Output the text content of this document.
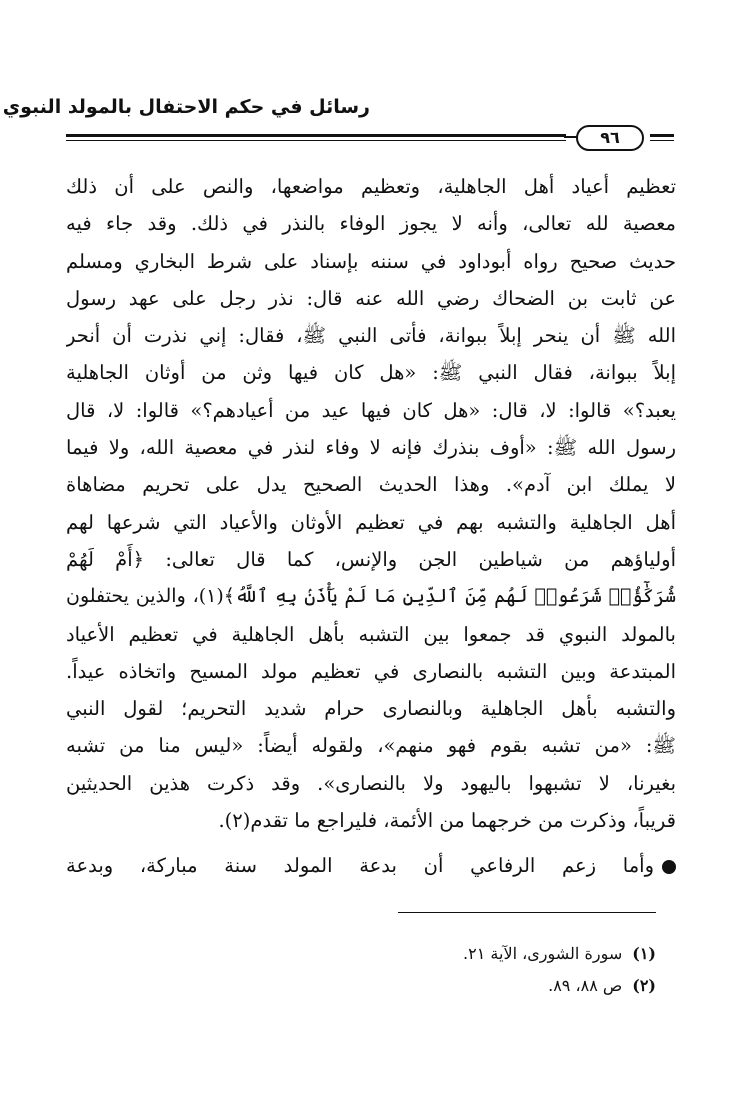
رسائل في حكم الاحتفال بالمولد النبوي
٩٦
تعظيم أعياد أهل الجاهلية، وتعظيم مواضعها، والنص على أن ذلك
معصية لله تعالى، وأنه لا يجوز الوفاء بالنذر في ذلك. وقد جاء فيه
حديث صحيح رواه أبوداود في سننه بإسناد على شرط البخاري ومسلم
عن ثابت بن الضحاك رضي الله عنه قال: نذر رجل على عهد رسول
الله ﷺ أن ينحر إبلاً ببوانة، فأتى النبي ﷺ، فقال: إني نذرت أن أنحر
إبلاً ببوانة، فقال النبي ﷺ: «هل كان فيها وثن من أوثان الجاهلية
يعبد؟» قالوا: لا، قال: «هل كان فيها عيد من أعيادهم؟» قالوا: لا، قال
رسول الله ﷺ: «أوف بنذرك فإنه لا وفاء لنذر في معصية الله، ولا فيما
لا يملك ابن آدم». وهذا الحديث الصحيح يدل على تحريم مضاهاة
أهل الجاهلية والتشبه بهم في تعظيم الأوثان والأعياد التي شرعها لهم
أولياؤهم من شياطين الجن والإنس، كما قال تعالى: ﴿أَمْ لَهُمْ
شُرَكَٰٓؤُا۟ شَرَعُوا۟ لَهُم مِّنَ ٱلدِّينِ مَا لَمْ يَأْذَنۢ بِهِ ٱللَّهُ﴾(١)، والذين يحتفلون
بالمولد النبوي قد جمعوا بين التشبه بأهل الجاهلية في تعظيم الأعياد
المبتدعة وبين التشبه بالنصارى في تعظيم مولد المسيح واتخاذه عيداً.
والتشبه بأهل الجاهلية وبالنصارى حرام شديد التحريم؛ لقول النبي
ﷺ: «من تشبه بقوم فهو منهم»، ولقوله أيضاً: «ليس منا من تشبه
بغيرنا، لا تشبهوا باليهود ولا بالنصارى». وقد ذكرت هذين الحديثين
قريباً، وذكرت من خرجهما من الأئمة، فليراجع ما تقدم(٢).
وأما زعم الرفاعي أن بدعة المولد سنة مباركة، وبدعة
(١)سورة الشورى، الآية ٢١.
(٢)ص ٨٨، ٨٩.
